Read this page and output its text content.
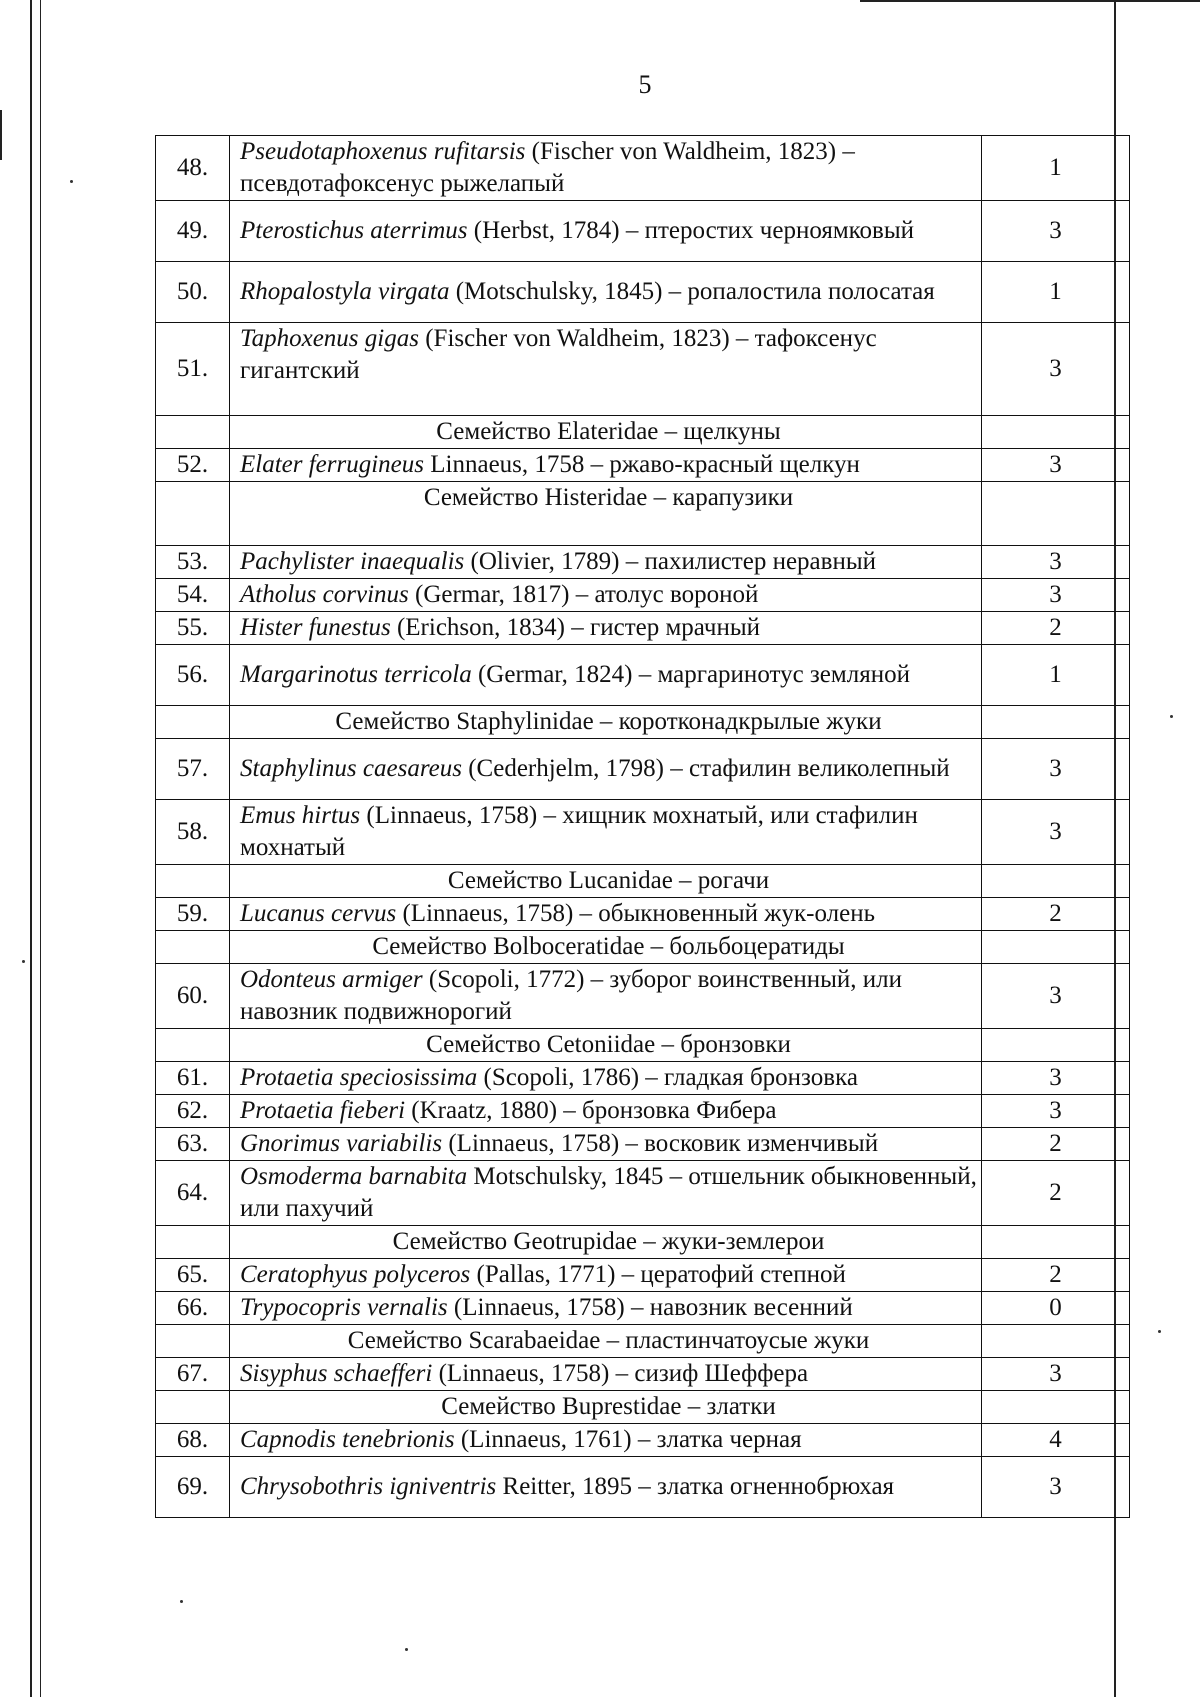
5
48.	Pseudotaphoxenus rufitarsis (Fischer von Waldheim, 1823) – псевдотафоксенус рыжелапый	1
49.	Pterostichus aterrimus (Herbst, 1784) – птеростих черноямковый	3
50.	Rhopalostyla virgata (Motschulsky, 1845) – ропалостила полосатая	1
51.	Taphoxenus gigas (Fischer von Waldheim, 1823) – тафоксенус гигантский	3
	Семейство Elateridae – щелкуны	
52.	Elater ferrugineus Linnaeus, 1758 – ржаво-красный щелкун	3
	Семейство Histeridae – карапузики	
53.	Pachylister inaequalis (Olivier, 1789) – пахилистер неравный	3
54.	Atholus corvinus (Germar, 1817) – атолус вороной	3
55.	Hister funestus (Erichson, 1834) – гистер мрачный	2
56.	Margarinotus terricola (Germar, 1824) – маргаринотус земляной	1
	Семейство Staphylinidae – коротконадкрылые жуки	
57.	Staphylinus caesareus (Cederhjelm, 1798) – стафилин великолепный	3
58.	Emus hirtus (Linnaeus, 1758) – хищник мохнатый, или стафилин мохнатый	3
	Семейство Lucanidae – рогачи	
59.	Lucanus cervus (Linnaeus, 1758) – обыкновенный жук-олень	2
	Семейство Bolboceratidae – больбоцератиды	
60.	Odonteus armiger (Scopoli, 1772) – зуборог воинственный, или навозник подвижнорогий	3
	Семейство Cetoniidae – бронзовки	
61.	Protaetia speciosissima (Scopoli, 1786) – гладкая бронзовка	3
62.	Protaetia fieberi (Kraatz, 1880) – бронзовка Фибера	3
63.	Gnorimus variabilis (Linnaeus, 1758) – восковик изменчивый	2
64.	Osmoderma barnabita Motschulsky, 1845 – отшельник обыкновенный, или пахучий	2
	Семейство Geotrupidae – жуки-землерои	
65.	Ceratophyus polyceros (Pallas, 1771) – цератофий степной	2
66.	Trypocopris vernalis (Linnaeus, 1758) – навозник весенний	0
	Семейство Scarabaeidae – пластинчатоусые жуки	
67.	Sisyphus schaefferi (Linnaeus, 1758) – сизиф Шеффера	3
	Семейство Buprestidae – златки	
68.	Capnodis tenebrionis (Linnaeus, 1761) – златка черная	4
69.	Chrysobothris igniventris Reitter, 1895 – златка огненнобрюхая	3
